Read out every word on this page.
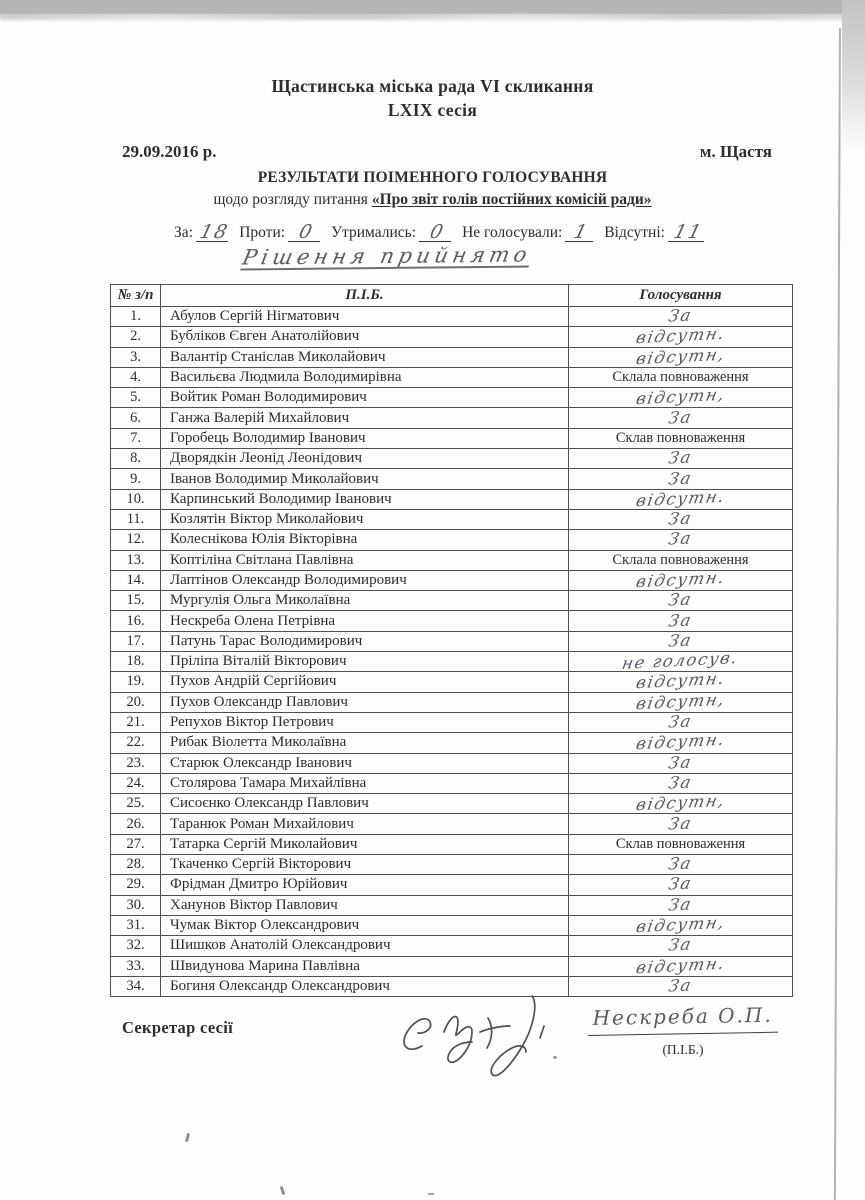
Щастинська міська рада VI скликання
LXIX сесія
29.09.2016 р.	м. Щастя
РЕЗУЛЬТАТИ ПОІМЕННОГО ГОЛОСУВАННЯ
щодо розгляду питання «Про звіт голів постійних комісій ради»
За: 18 Проти: 0 Утримались: 0 Не голосували: 1 Відсутні: 11
Рішення прийнято
№ з/п	П.І.Б.	Голосування
1.	Абулов Сергій Нігматович	За
2.	Бубліков Євген Анатолійович	відсутн.
3.	Валантір Станіслав Миколайович	відсутн,
4.	Васильєва Людмила Володимирівна	Склала повноваження
5.	Войтик Роман Володимирович	відсутн,
6.	Ганжа Валерій Михайлович	За
7.	Горобець Володимир Іванович	Склав повноваження
8.	Дворядкін Леонід Леонідович	За
9.	Іванов Володимир Миколайович	За
10.	Карпинський Володимир Іванович	відсутн.
11.	Козлятін Віктор Миколайович	За
12.	Колеснікова Юлія Вікторівна	За
13.	Коптіліна Світлана Павлівна	Склала повноваження
14.	Лаптінов Олександр Володимирович	відсутн.
15.	Мургулія Ольга Миколаївна	За
16.	Нескреба Олена Петрівна	За
17.	Патунь Тарас Володимирович	За
18.	Пріліпа Віталій Вікторович	не голосув.
19.	Пухов Андрій Сергійович	відсутн.
20.	Пухов Олександр Павлович	відсутн,
21.	Репухов Віктор Петрович	За
22.	Рибак Віолетта Миколаївна	відсутн.
23.	Старюк Олександр Іванович	За
24.	Столярова Тамара Михайлівна	За
25.	Сисоєнко Олександр Павлович	відсутн,
26.	Таранюк Роман Михайлович	За
27.	Татарка Сергій Миколайович	Склав повноваження
28.	Ткаченко Сергій Вікторович	За
29.	Фрідман Дмитро Юрійович	За
30.	Ханунов Віктор Павлович	За
31.	Чумак Віктор Олександрович	відсутн,
32.	Шишков Анатолій Олександрович	За
33.	Швидунова Марина Павлівна	відсутн.
34.	Богиня Олександр Олександрович	За
Секретар сесії	Нескреба О.П.
(П.І.Б.)
